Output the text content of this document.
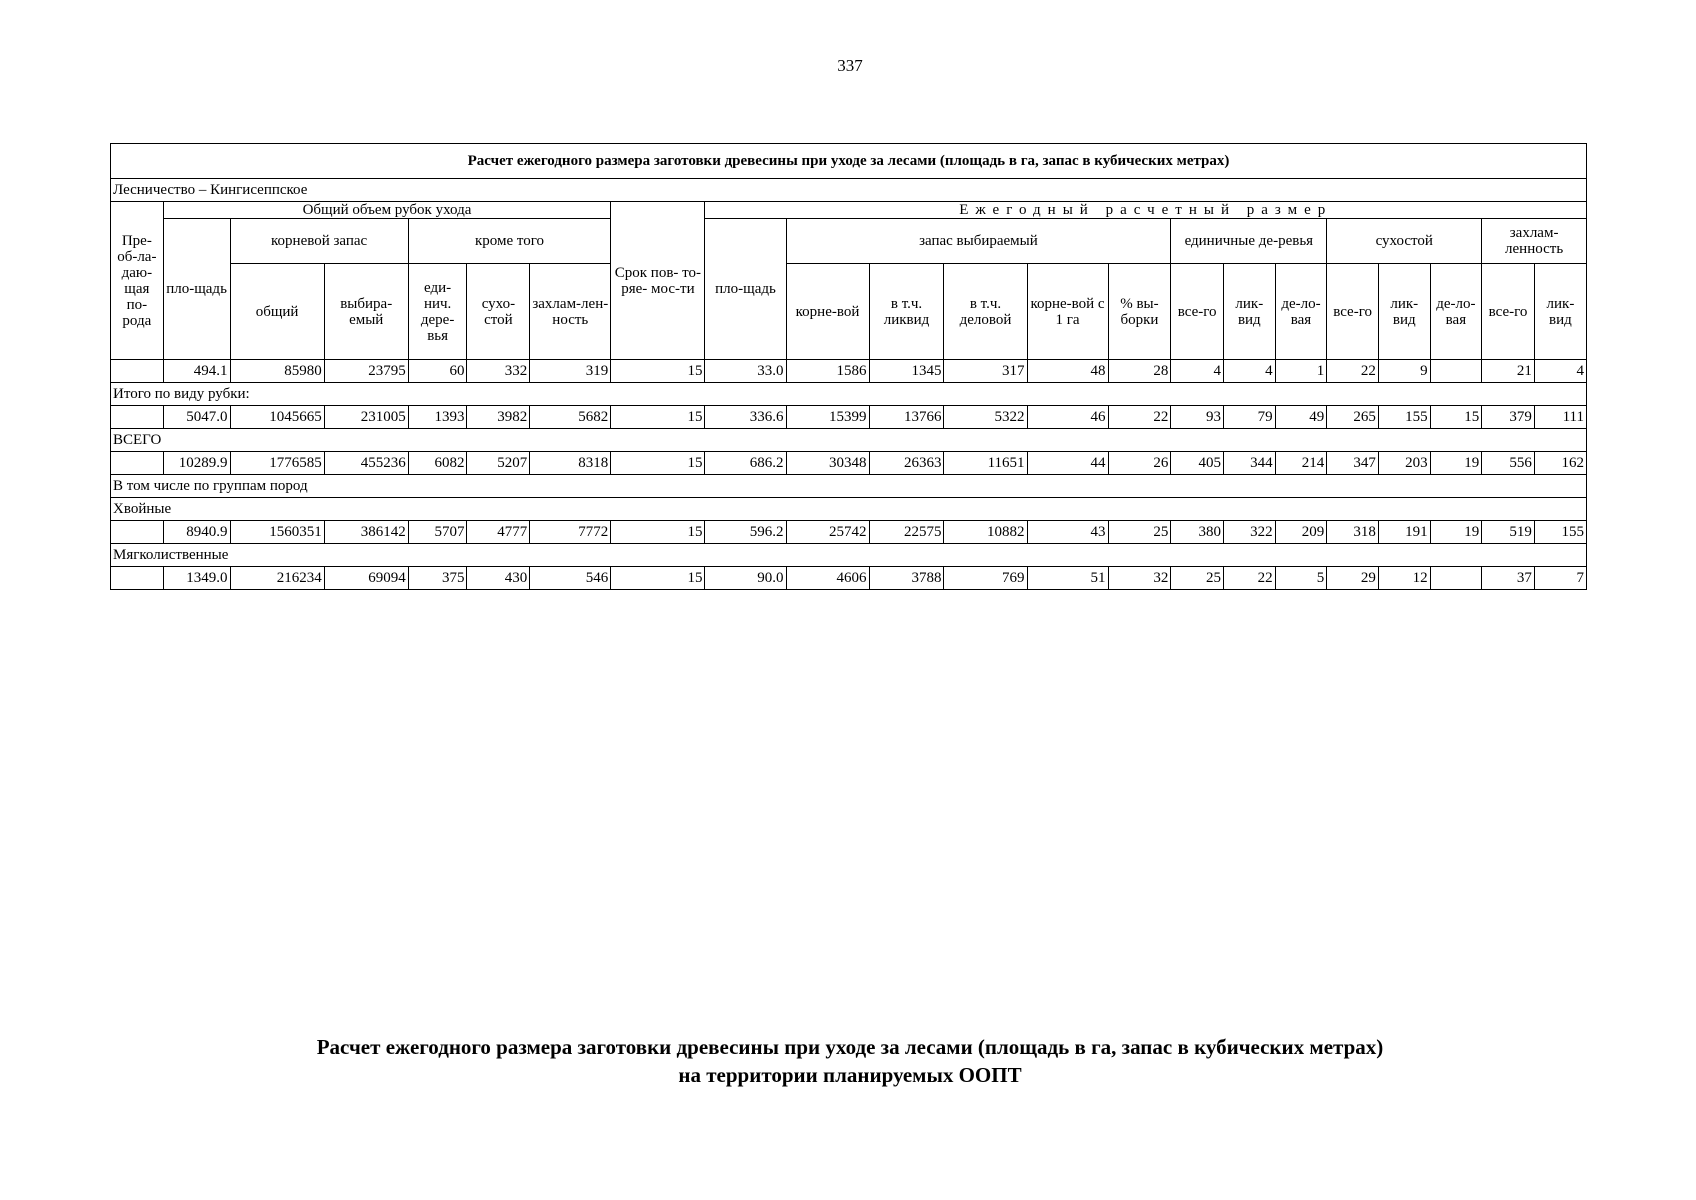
337
Расчет ежегодного размера заготовки древесины при уходе за лесами (площадь в га, запас в кубических метрах)																					
Лесничество – Кингисеппское																					
Пре-об-ла-даю-щая по-рода	Общий объем рубок ухода						Срок пов- то-ряе- мос-ти	Ежегодный расчетный размер													
	пло-щадь	корневой запас		кроме того				пло-щадь	запас выбираемый					единичные де-ревья			сухостой			захлам-ленность	
		общий	выбира-емый	еди-нич. дере-вья	сухо-стой	захлам-лен-ность			корне-вой	в т.ч. ликвид	в т.ч. деловой	корне-вой с 1 га	% вы-борки	все-го	лик-вид	де-ло-вая	все-го	лик-вид	де-ло-вая	все-го	лик-вид
	494.1	85980	23795	60	332	319	15	33.0	1586	1345	317	48	28	4	4	1	22	9		21	4
Итого по виду рубки:																					
	5047.0	1045665	231005	1393	3982	5682	15	336.6	15399	13766	5322	46	22	93	79	49	265	155	15	379	111
ВСЕГО																					
	10289.9	1776585	455236	6082	5207	8318	15	686.2	30348	26363	11651	44	26	405	344	214	347	203	19	556	162
В том числе по группам пород																					
Хвойные																					
	8940.9	1560351	386142	5707	4777	7772	15	596.2	25742	22575	10882	43	25	380	322	209	318	191	19	519	155
Мягколиственные																					
	1349.0	216234	69094	375	430	546	15	90.0	4606	3788	769	51	32	25	22	5	29	12		37	7
Расчет ежегодного размера заготовки древесины при уходе за лесами (площадь в га, запас в кубических метрах)
на территории планируемых ООПТ
